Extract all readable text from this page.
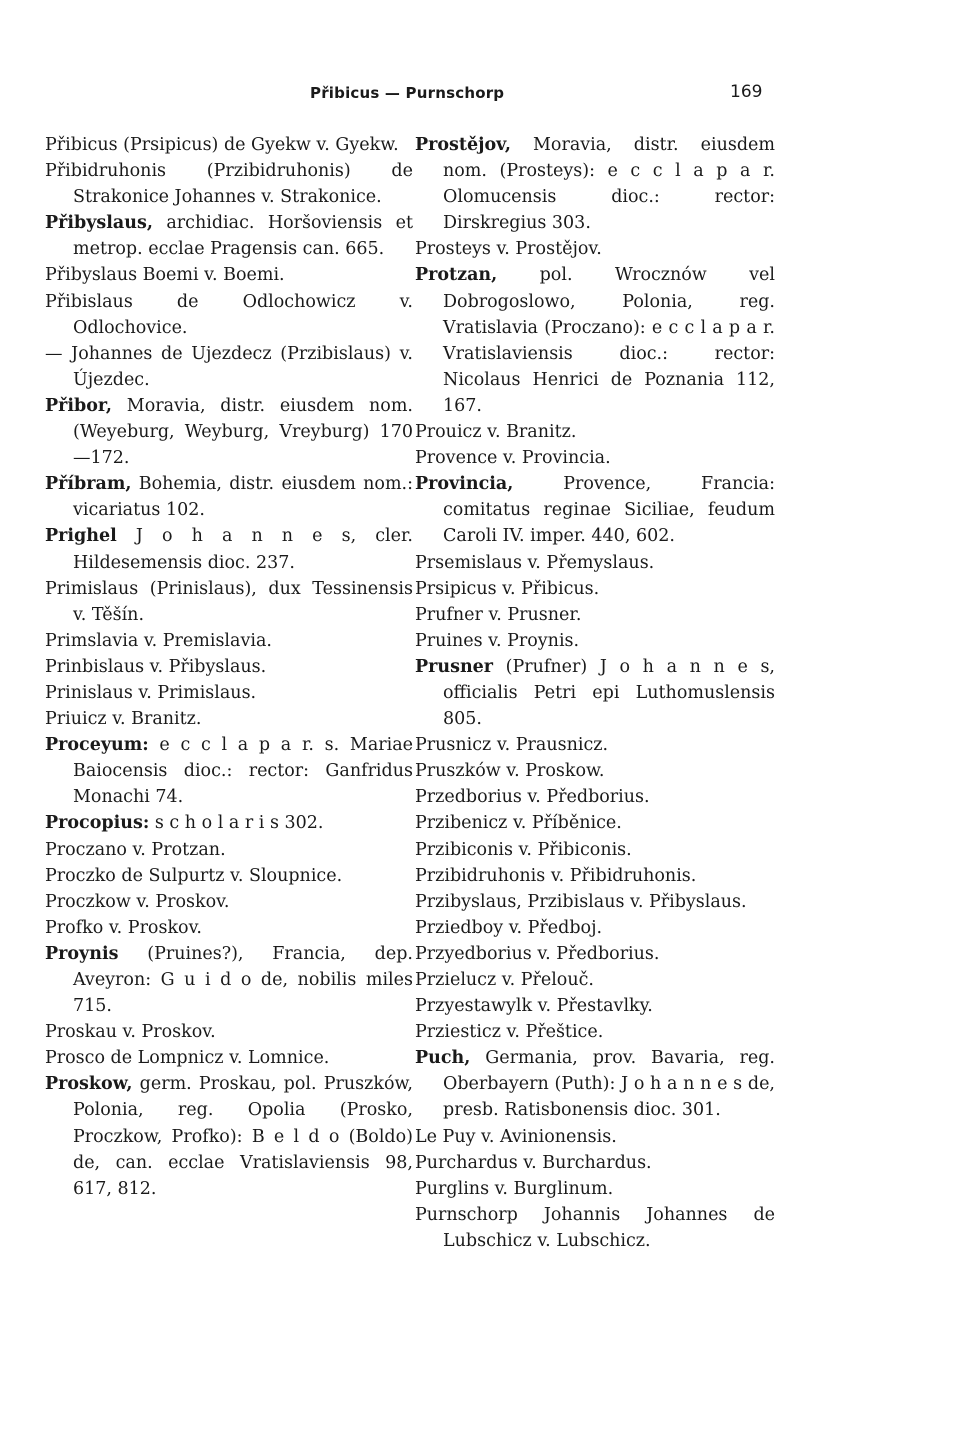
Přibicus — Purnschorp	169

Přibicus (Prsipicus) de Gyekw v. Gyekw.

Přibidruhonis (Przibidruhonis) de Strakonice Johannes v. Strakonice.

Přibyslaus, archidiac. Horšoviensis et metrop. ecclae Pragensis can. 665.

Přibyslaus Boemi v. Boemi.

Přibislaus de Odlochowicz v. Odlochovice.

— Johannes de Ujezdecz (Przibislaus) v. Újezdec.

Přibor, Moravia, distr. eiusdem nom. (Weyeburg, Weyburg, Vreyburg) 170—172.

Příbram, Bohemia, distr. eiusdem nom.: vicariatus 102.

Prighel J o h a n n e s, cler. Hildesemensis dioc. 237.

Primislaus (Prinislaus), dux Tessinensis v. Těšín.

Primslavia v. Premislavia.

Prinbislaus v. Přibyslaus.

Prinislaus v. Primislaus.

Priuicz v. Branitz.

Proceyum: e c c l a p a r. s. Mariae Baiocensis dioc.: rector: Ganfridus Monachi 74.

Procopius: s c h o l a r i s 302.

Proczano v. Protzan.

Proczko de Sulpurtz v. Sloupnice.

Proczkow v. Proskov.

Profko v. Proskov.

Proynis (Pruines?), Francia, dep. Aveyron: G u i d o de, nobilis miles 715.

Proskau v. Proskov.

Prosco de Lompnicz v. Lomnice.

Proskow, germ. Proskau, pol. Pruszków, Polonia, reg. Opolia (Prosko, Proczkow, Profko): B e l d o (Boldo) de, can. ecclae Vratislaviensis 98, 617, 812.

Prostějov, Moravia, distr. eiusdem nom. (Prosteys): e c c l a p a r. Olomucensis dioc.: rector: Dirskregius 303.

Prosteys v. Prostějov.

Protzan, pol. Wroczn​ów vel Dobrogoslowo, Polonia, reg. Vratislavia (Proczano): e c c l a p a r. Vratislaviensis dioc.: rector: Nicolaus Henrici de Poznania 112, 167.

Prouicz v. Branitz.

Provence v. Provincia.

Provincia, Provence, Francia: comitatus reginae Siciliae, feudum Caroli IV. imper. 440, 602.

Prsemislaus v. Přemyslaus.

Prsipicus v. Přibicus.

Prufner v. Prusner.

Pruines v. Proynis.

Prusner (Prufner) J o h a n n e s, officialis Petri epi Luthomuslensis 805.

Prusnicz v. Prausnicz.

Pruszków v. Proskow.

Przedborius v. Předborius.

Przibenicz v. Příběnice.

Przibiconis v. Přibiconis.

Przibidruhonis v. Přibidruhonis.

Przibyslaus, Przibislaus v. Přibyslaus.

Prziedboy v. Předboj.

Przyedborius v. Předborius.

Przielucz v. Přelouč.

Przyestawylk v. Přestavlky.

Prziesticz v. Přeštice.

Puch, Germania, prov. Bavaria, reg. Oberbayern (Puth): J o h a n n e s de, presb. Ratisbonensis dioc. 301.

Le Puy v. Avinionensis.

Purchardus v. Burchardus.

Purglins v. Burglinum.

Purnschorp Johannis Johannes de Lubschicz v. Lubschicz.
